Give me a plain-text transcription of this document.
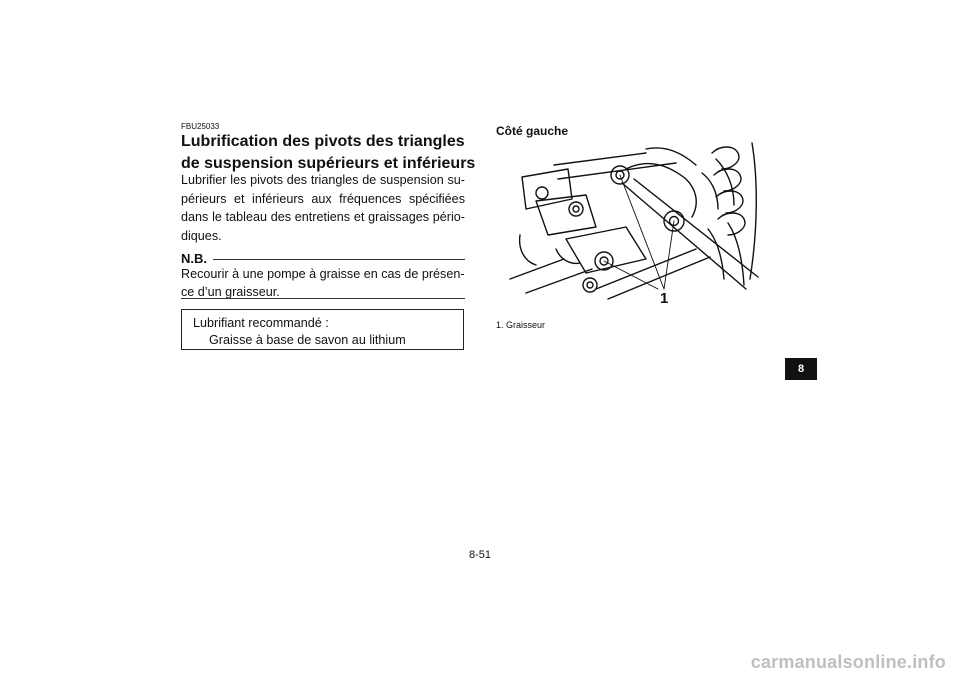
FBU25033
Lubrification des pivots des triangles de suspension supérieurs et inférieurs
Lubrifier les pivots des triangles de suspension su-
périeurs et inférieurs aux fréquences spécifiées
dans le tableau des entretiens et graissages pério-
diques.
N.B.
Recourir à une pompe à graisse en cas de présen-
ce d’un graisseur.
Lubrifiant recommandé :
Graisse à base de savon au lithium
Côté gauche
1
1. Graisseur
8
8-51
carmanualsonline.info
